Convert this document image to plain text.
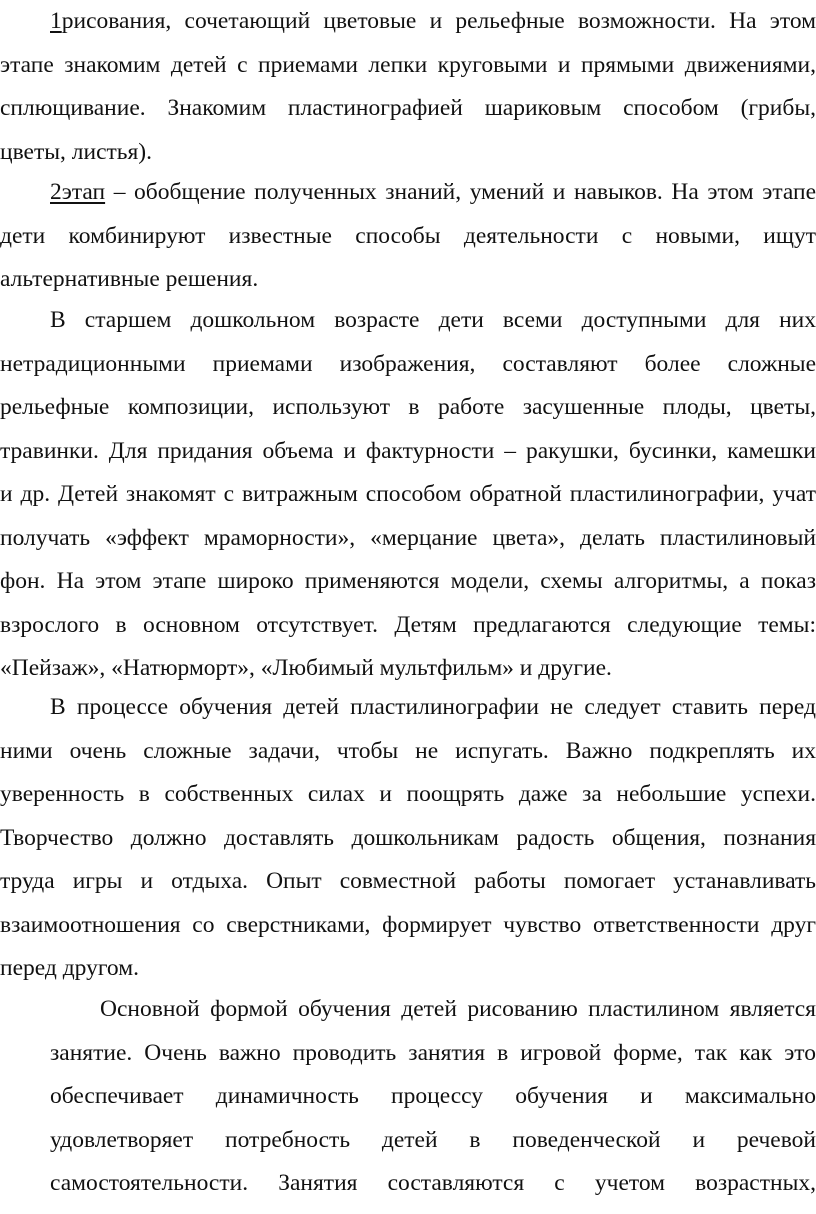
1рисования, сочетающий цветовые и рельефные возможности. На этом
этапе знакомим детей с приемами лепки круговыми и прямыми движениями,
сплющивание. Знакомим пластинографией шариковым способом (грибы,
цветы, листья).
2этап – обобщение полученных знаний, умений и навыков. На этом этапе
дети комбинируют известные способы деятельности с новыми, ищут
альтернативные решения.
В старшем дошкольном возрасте дети всеми доступными для них
нетрадиционными приемами изображения, составляют более сложные
рельефные композиции, используют в работе засушенные плоды, цветы,
травинки. Для придания объема и фактурности – ракушки, бусинки, камешки
и др. Детей знакомят с витражным способом обратной пластилинографии, учат
получать «эффект мраморности», «мерцание цвета», делать пластилиновый
фон. На этом этапе широко применяются модели, схемы алгоритмы, а показ
взрослого в основном отсутствует. Детям предлагаются следующие темы:
«Пейзаж», «Натюрморт», «Любимый мультфильм» и другие.
В процессе обучения детей пластилинографии не следует ставить перед
ними очень сложные задачи, чтобы не испугать. Важно подкреплять их
уверенность в собственных силах и поощрять даже за небольшие успехи.
Творчество должно доставлять дошкольникам радость общения, познания
труда игры и отдыха. Опыт совместной работы помогает устанавливать
взаимоотношения со сверстниками, формирует чувство ответственности друг
перед другом.
Основной формой обучения детей рисованию пластилином является
занятие. Очень важно проводить занятия в игровой форме, так как это
обеспечивает динамичность процессу обучения и максимально
удовлетворяет потребность детей в поведенческой и речевой
самостоятельности. Занятия составляются с учетом возрастных,
